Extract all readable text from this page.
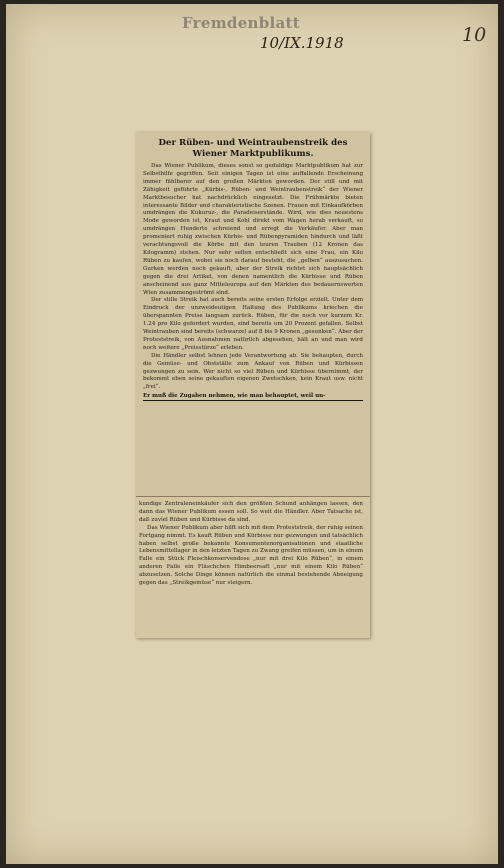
Fremdenblatt
10/IX.1918	10
Der Rüben- und Weintraubenstreik des Wiener Marktpublikums.

Das Wiener Publikum, dieses sonst so geduldige Marktpublikum hat zur Selbsthilfe gegriffen. Seit einigen Tagen ist eine auffallende Erscheinung immer fühlbarer auf den großen Märkten geworden. Der still und mit Zähigkeit geführte „Kürbis-, Rüben- und Weintraubenstreik“ der Wiener Marktbesucher hat nachdrücklich eingesetzt. Die Frühmärkte bieten interessante Bilder und charakteristische Szenen. Frauen mit Einkaufkörben umdrängen die Kukuruz-, die Paradeiserstände. Wird, wie dies neuestens Mode geworden ist, Kraut und Kohl direkt vom Wagen herab verkauft, so umdrängen Hunderte schreiend und erregt die Verkäufer. Aber man promeniert ruhig zwischen Kürbis- und Rübenpyramiden hindurch und läßt verachtungsvoll die Körbe mit den teuren Trauben (12 Kronen das Kilogramm) stehen. Nur sehr selten entschließt sich eine Frau, ein Kilo Rüben zu kaufen, wobei sie noch darauf besteht, die „gelben“ auszusuchen. Gurken werden noch gekauft, aber der Streik richtet sich hauptsächlich gegen die drei Artikel, von denen namentlich die Kürbisse und Rüben anscheinend aus ganz Mitteleuropa auf den Märkten des bedauernswerten Wien zusammengeströmt sind.

Der stille Streik hat auch bereits seine ersten Erfolge erzielt. Unter dem Eindruck der unzweideutigen Haltung des Publikums kriechen die überspannten Preise langsam zurück. Rüben, für die noch vor kurzem Kr. 1.24 pro Kilo gefordert wurden, sind bereits um 20 Prozent gefallen. Selbst Weintrauben sind bereits (schwarze) auf 8 bis 9 Kronen „gesunken“. Aber der Proteststreik, von Ausnahmen natürlich abgesehen, hält an und man wird noch weitere „Preisstürze“ erleben.

Die Händler selbst lehnen jede Verantwortung ab. Sie behaupten, durch die Gemüse- und Obstställe zum Ankauf von Rüben und Kürbissen gezwungen zu sein. Wer nicht so viel Rüben und Kürbisse übernimmt, der bekommt eben seine gekauften eigenen Zwetschken, kein Kraut usw. nicht „frei“.

Er muß die Zugaben nehmen, wie man behauptet, weil un-

kundige Zentraleneinkäufer sich den größten Schund anhängen lassen, den dann das Wiener Publikum essen soll. So weit die Händler. Aber Tatsache ist, daß zuviel Rüben und Kürbisse da sind.

Das Wiener Publikum aber hilft sich mit dem Proteststreik, der ruhig seinen Fortgang nimmt. Es kauft Rüben und Kürbisse nur gezwungen und tatsächlich haben selbst große bekannte Konsumentenorganisationen und staatliche Lebensmittellager in den letzten Tagen zu Zwang greifen müssen, um in einem Falle ein Stück Fleischkonservendose „nur mit drei Kilo Rüben“, in einem anderen Falle ein Fläschchen Himbeersaft „nur mit einem Kilo Rüben“ abzusetzen. Solche Dinge können natürlich die einmal bestehende Abneigung gegen das „Streikgemüse“ nur steigern.
